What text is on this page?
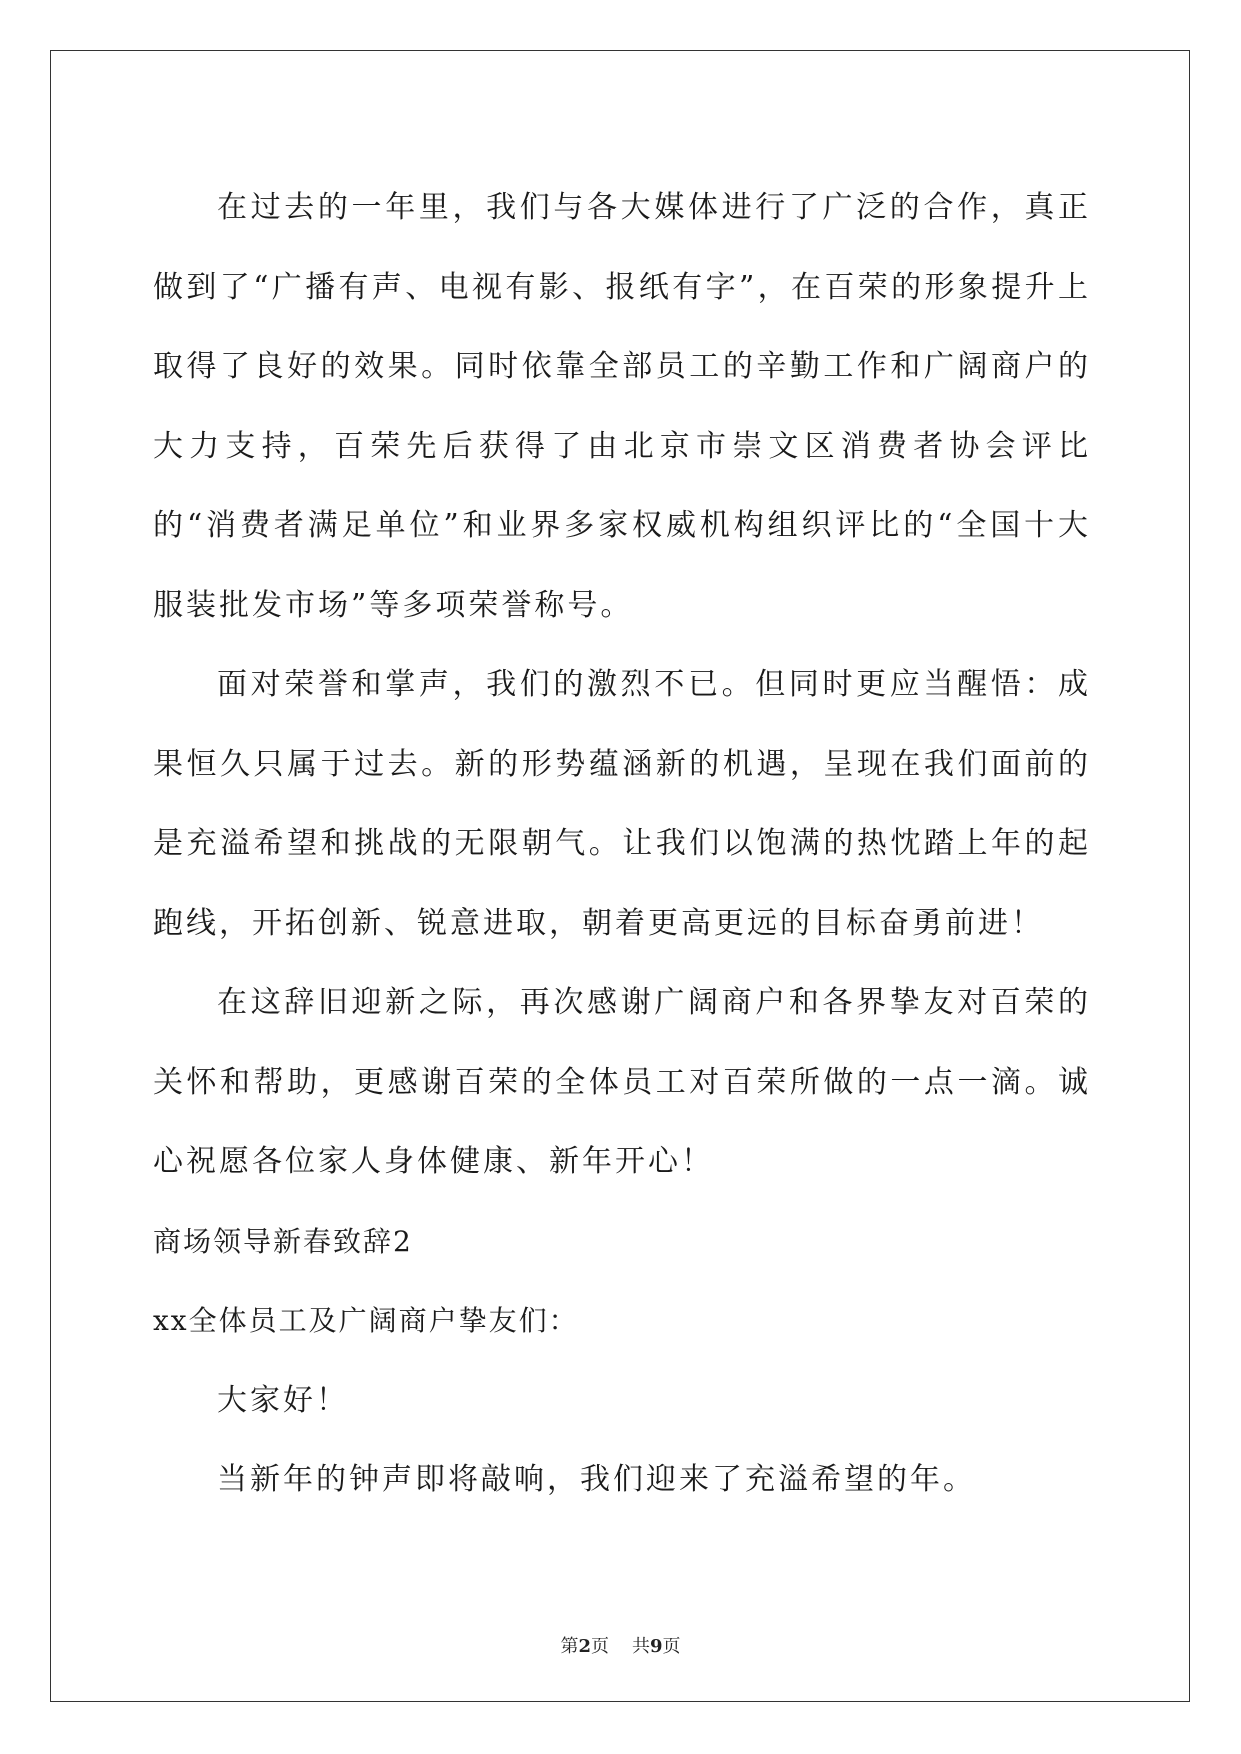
在过去的一年里，我们与各大媒体进行了广泛的合作，真正做到了“广播有声、电视有影、报纸有字”，在百荣的形象提升上取得了良好的效果。同时依靠全部员工的辛勤工作和广阔商户的大力支持，百荣先后获得了由北京市崇文区消费者协会评比的“消费者满足单位”和业界多家权威机构组织评比的“全国十大服装批发市场”等多项荣誉称号。

面对荣誉和掌声，我们的激烈不已。但同时更应当醒悟：成果恒久只属于过去。新的形势蕴涵新的机遇，呈现在我们面前的是充溢希望和挑战的无限朝气。让我们以饱满的热忱踏上年的起跑线，开拓创新、锐意进取，朝着更高更远的目标奋勇前进！

在这辞旧迎新之际，再次感谢广阔商户和各界挚友对百荣的关怀和帮助，更感谢百荣的全体员工对百荣所做的一点一滴。诚心祝愿各位家人身体健康、新年开心！

商场领导新春致辞2

xx全体员工及广阔商户挚友们：

大家好！

当新年的钟声即将敲响，我们迎来了充溢希望的年。

第2页 共9页
